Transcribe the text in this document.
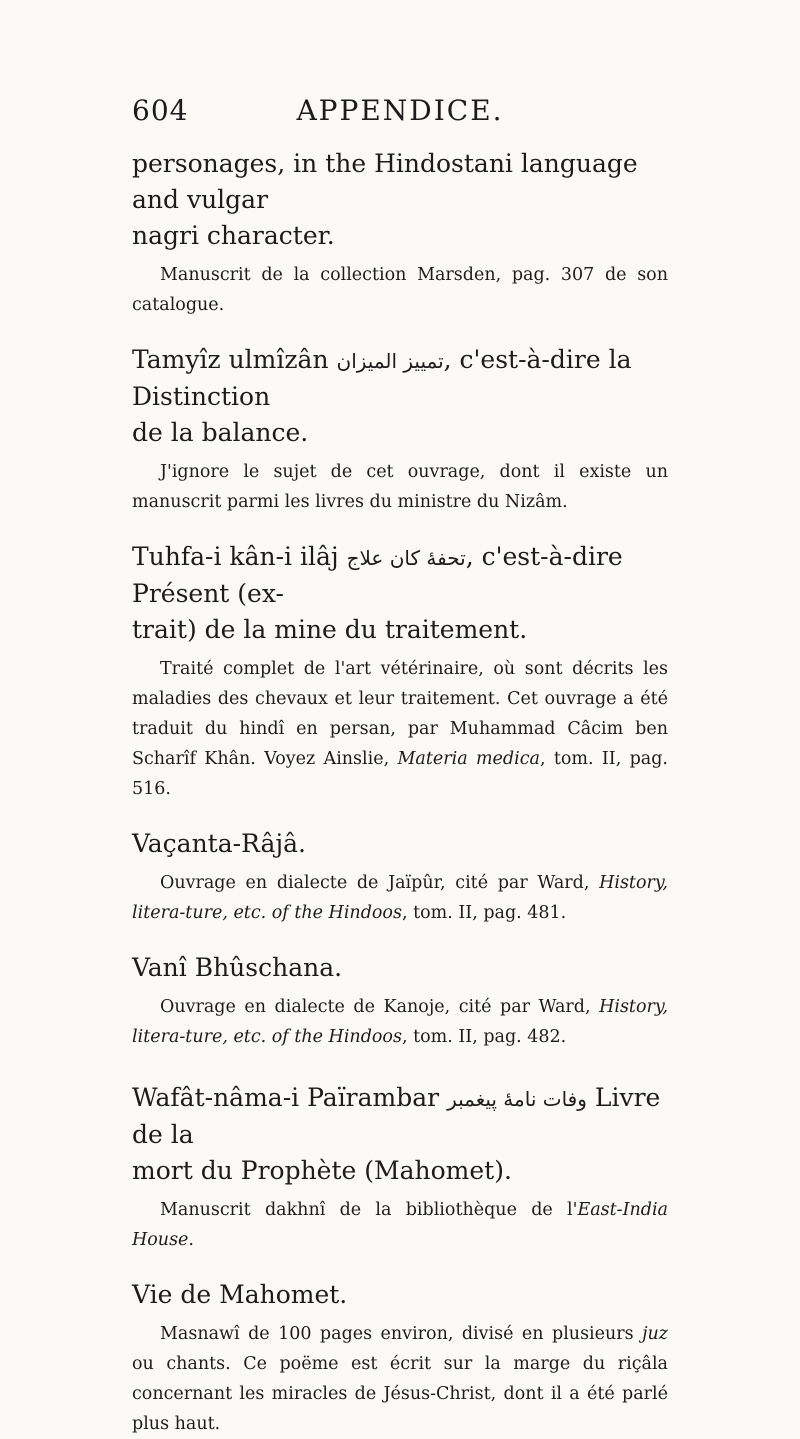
604	APPENDICE.

personages, in the Hindostani language and vulgar
nagri character.

Manuscrit de la collection Marsden, pag. 307 de son catalogue.

Tamyîz ulmîzân تمييز الميزان, c'est-à-dire la Distinction
de la balance.

J'ignore le sujet de cet ouvrage, dont il existe un manuscrit parmi les livres du ministre du Nizâm.

Tuhfa-i kân-i ilâj تحفهٔ کان علاج, c'est-à-dire Présent (ex-
trait) de la mine du traitement.

Traité complet de l'art vétérinaire, où sont décrits les maladies des chevaux et leur traitement. Cet ouvrage a été traduit du hindî en persan, par Muhammad Câcim ben Scharîf Khân. Voyez Ainslie, Materia medica, tom. II, pag. 516.

Vaçanta-Râjâ.

Ouvrage en dialecte de Jaïpûr, cité par Ward, History, litera-ture, etc. of the Hindoos, tom. II, pag. 481.

Vanî Bhûschana.

Ouvrage en dialecte de Kanoje, cité par Ward, History, litera-ture, etc. of the Hindoos, tom. II, pag. 482.

Wafât-nâma-i Païrambar وفات نامهٔ پیغمبر Livre de la
mort du Prophète (Mahomet).

Manuscrit dakhnî de la bibliothèque de l'East-India House.

Vie de Mahomet.

Masnawî de 100 pages environ, divisé en plusieurs juz ou chants. Ce poëme est écrit sur la marge du riçâla concernant les miracles de Jésus-Christ, dont il a été parlé plus haut.
